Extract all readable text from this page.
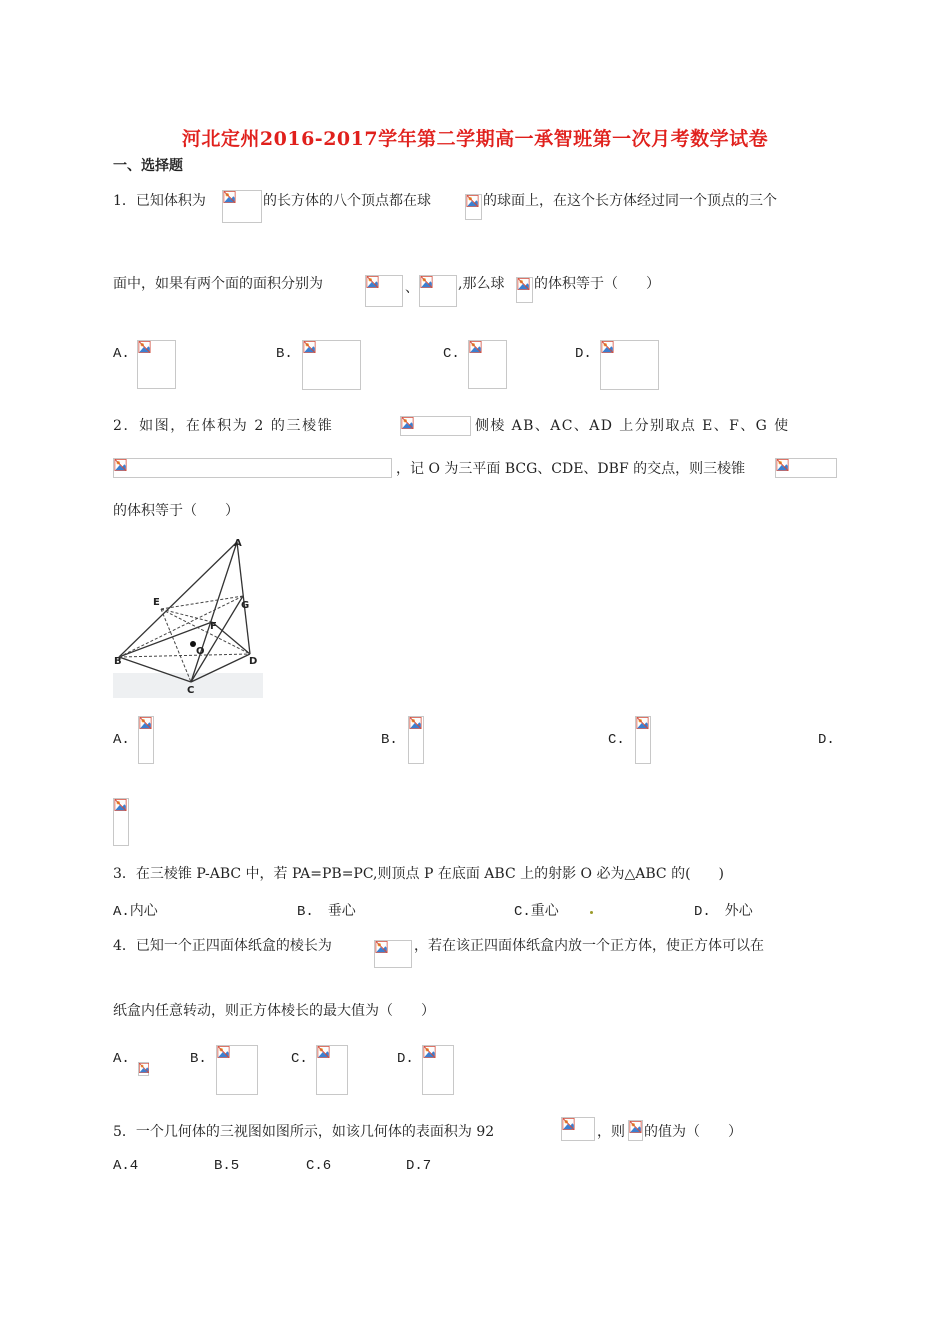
河北定州2016-2017学年第二学期高一承智班第一次月考数学试卷
一、选择题
1．已知体积为	的长方体的八个顶点都在球	的球面上，在这个长方体经过同一个顶点的三个
面中，如果有两个面的面积分别为	、	,那么球 的体积等于（　　）
A.	B.	C.	D.
2．如图，在体积为 2 的三棱锥	侧棱 AB、AC、AD 上分别取点 E、F、G 使
，记 O 为三平面 BCG、CDE、DBF 的交点，则三棱锥
的体积等于（　　）
A
E	G
F
O
B	D
C
A.	B.	C.	D.
3．在三棱锥 P-ABC 中，若 PA=PB=PC,则顶点 P 在底面 ABC 上的射影 O 必为△ABC 的(　　)
A.内心	B.　垂心	C.重心	D.　外心
4．已知一个正四面体纸盒的棱长为	，若在该正四面体纸盒内放一个正方体，使正方体可以在
纸盒内任意转动，则正方体棱长的最大值为（　　）
A.	B.	C.	D.
5．一个几何体的三视图如图所示，如该几何体的表面积为 92	，则 的值为（　　）
A.4	B.5	C.6	D.7
